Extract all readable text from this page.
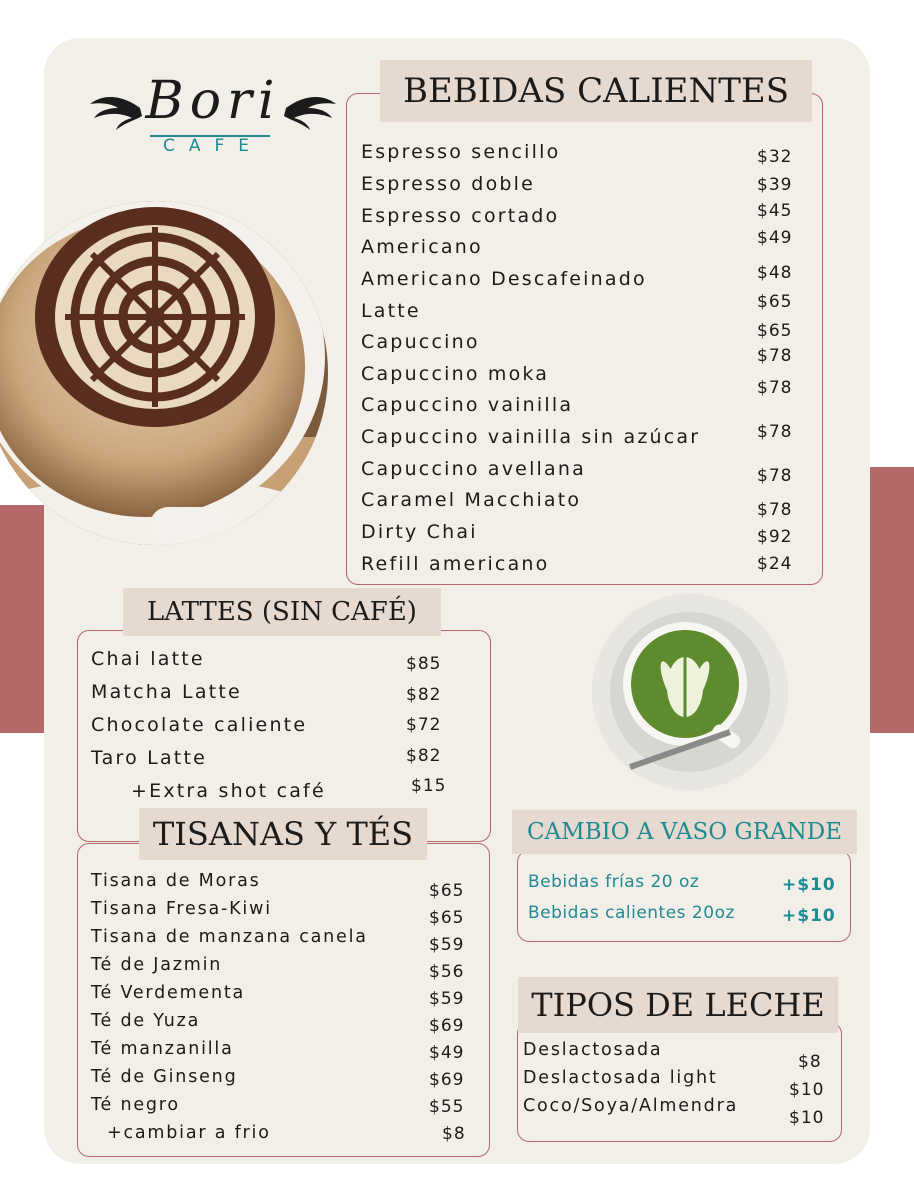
Bori
CAFE
BEBIDAS CALIENTES
Espresso sencillo
Espresso doble
Espresso cortado
Americano
Americano Descafeinado
Latte
Capuccino
Capuccino moka
Capuccino vainilla
Capuccino vainilla sin azúcar
Capuccino avellana
Caramel Macchiato
Dirty Chai
Refill americano
$32
$39
$45
$49
$48
$65
$65
$78
$78
$78
$78
$78
$92
$24
LATTES (SIN CAFÉ)
Chai latte
Matcha Latte
Chocolate caliente
Taro Latte
+Extra shot café
$85
$82
$72
$82
$15
TISANAS Y TÉS
Tisana de Moras
Tisana Fresa-Kiwi
Tisana de manzana canela
Té de Jazmin
Té Verdementa
Té de Yuza
Té manzanilla
Té de Ginseng
Té negro
+cambiar a frio
$65
$65
$59
$56
$59
$69
$49
$69
$55
$8
CAMBIO A VASO GRANDE
Bebidas frías 20 oz
Bebidas calientes 20oz
+$10
+$10
TIPOS DE LECHE
Deslactosada
Deslactosada light
Coco/Soya/Almendra
$8
$10
$10
